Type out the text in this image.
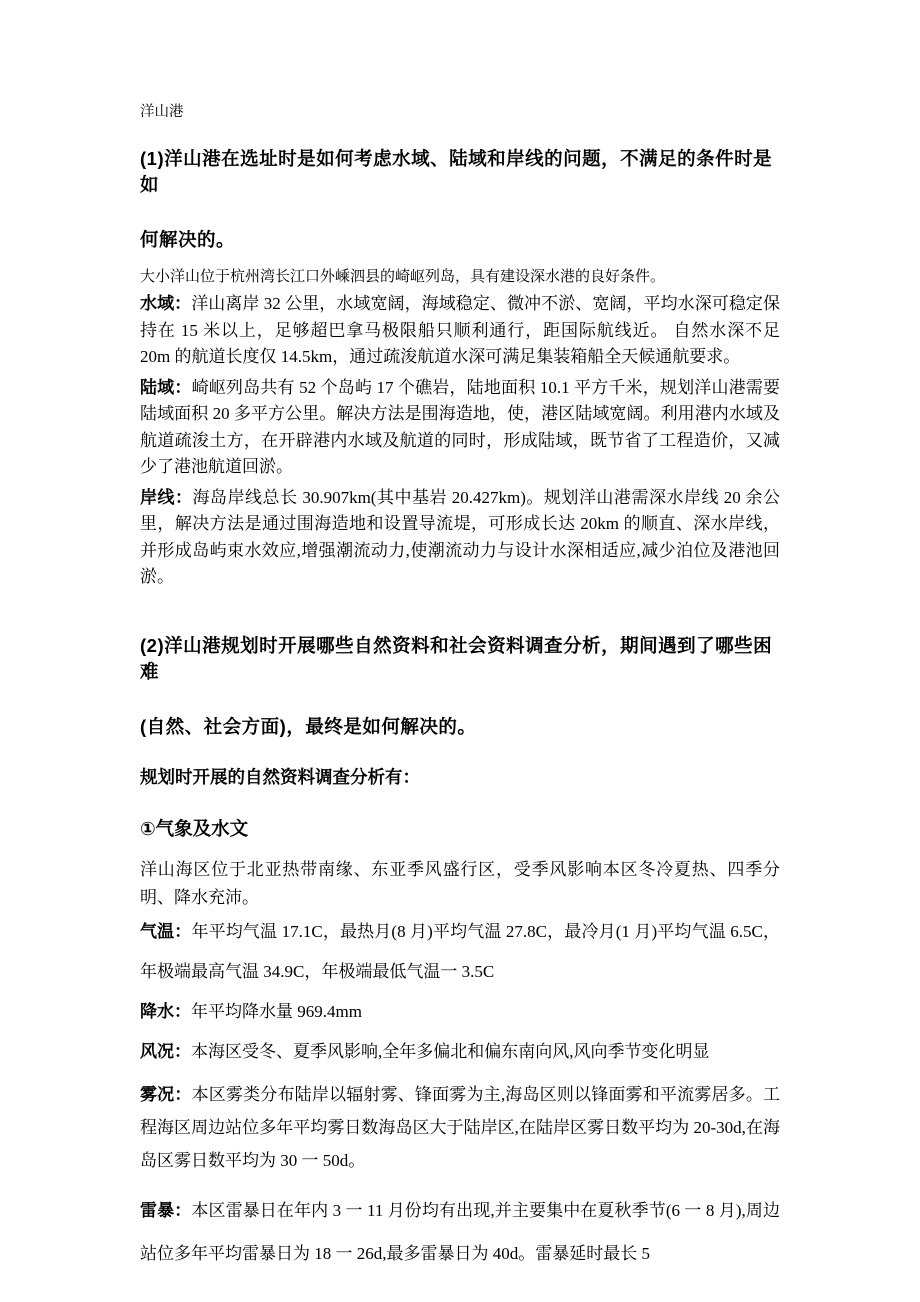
洋山港

(1)洋山港在选址时是如何考虑水域、陆域和岸线的问题，不满足的条件时是如

何解决的。

大小洋山位于杭州湾长江口外嵊泗县的崎岖列岛，具有建设深水港的良好条件。

水域：洋山离岸 32 公里，水域宽阔，海域稳定、微冲不淤、宽阔，平均水深可稳定保持在 15 米以上，足够超巴拿马极限船只顺利通行，距国际航线近。 自然水深不足 20m 的航道长度仅 14.5km，通过疏浚航道水深可满足集装箱船全天候通航要求。

陆域：崎岖列岛共有 52 个岛屿 17 个礁岩，陆地面积 10.1 平方千米，规划洋山港需要陆域面积 20 多平方公里。解决方法是围海造地，使，港区陆域宽阔。利用港内水域及航道疏浚土方，在开辟港内水域及航道的同时，形成陆域，既节省了工程造价，又减少了港池航道回淤。

岸线：海岛岸线总长 30.907km(其中基岩 20.427km)。规划洋山港需深水岸线 20 余公里，解决方法是通过围海造地和设置导流堤，可形成长达 20km 的顺直、深水岸线，并形成岛屿束水效应,增强潮流动力,使潮流动力与设计水深相适应,减少泊位及港池回淤。

(2)洋山港规划时开展哪些自然资料和社会资料调查分析，期间遇到了哪些困难

(自然、社会方面)，最终是如何解决的。

规划时开展的自然资料调查分析有：

①气象及水文

洋山海区位于北亚热带南缘、东亚季风盛行区，受季风影响本区冬冷夏热、四季分明、降水充沛。

气温：年平均气温 17.1C，最热月(8 月)平均气温 27.8C，最冷月(1 月)平均气温 6.5C，年极端最高气温 34.9C，年极端最低气温一 3.5C

降水：年平均降水量 969.4mm

风况：本海区受冬、夏季风影响,全年多偏北和偏东南向风,风向季节变化明显

雾况：本区雾类分布陆岸以辐射雾、锋面雾为主,海岛区则以锋面雾和平流雾居多。工程海区周边站位多年平均雾日数海岛区大于陆岸区,在陆岸区雾日数平均为 20-30d,在海岛区雾日数平均为 30 一 50d。

雷暴：本区雷暴日在年内 3 一 11 月份均有出现,并主要集中在夏秋季节(6 一 8 月),周边站位多年平均雷暴日为 18 一 26d,最多雷暴日为 40d。雷暴延时最长 5
